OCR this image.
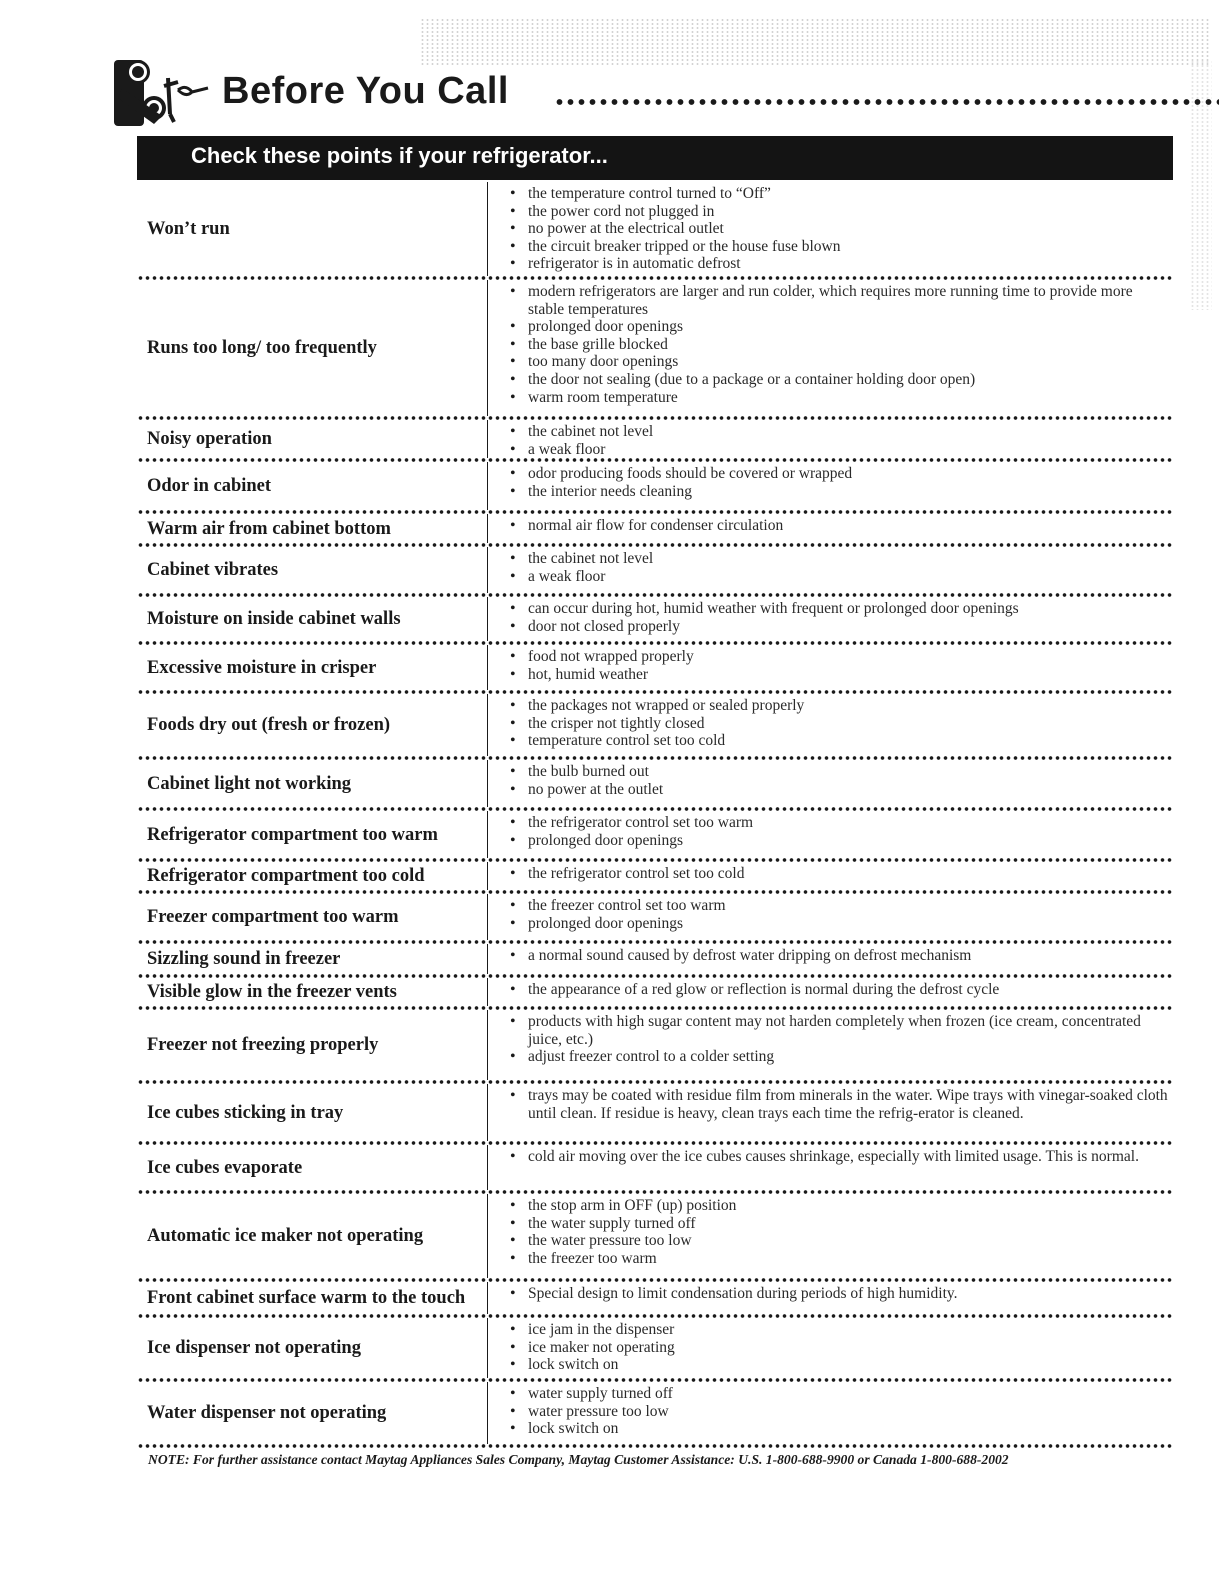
Before You Call
Check these points if your refrigerator...
Won’t run
• the temperature control turned to “Off”
• the power cord not plugged in
• no power at the electrical outlet
• the circuit breaker tripped or the house fuse blown
• refrigerator is in automatic defrost
Runs too long/ too frequently
• modern refrigerators are larger and run colder, which requires more running time to provide more stable temperatures
• prolonged door openings
• the base grille blocked
• too many door openings
• the door not sealing (due to a package or a container holding door open)
• warm room temperature
Noisy operation	• the cabinet not level
• a weak floor
Odor in cabinet
• odor producing foods should be covered or wrapped
• the interior needs cleaning
Warm air from cabinet bottom	• normal air flow for condenser circulation
Cabinet vibrates
• the cabinet not level
• a weak floor
Moisture on inside cabinet walls
• can occur during hot, humid weather with frequent or prolonged door openings
• door not closed properly
Excessive moisture in crisper
• food not wrapped properly
• hot, humid weather
Foods dry out (fresh or frozen)
• the packages not wrapped or sealed properly
• the crisper not tightly closed
• temperature control set too cold
Cabinet light not working
• the bulb burned out
• no power at the outlet
Refrigerator compartment too warm
• the refrigerator control set too warm
• prolonged door openings
Refrigerator compartment too cold	• the refrigerator control set too cold
Freezer compartment too warm
• the freezer control set too warm
• prolonged door openings
Sizzling sound in freezer	• a normal sound caused by defrost water dripping on defrost mechanism
Visible glow in the freezer vents	• the appearance of a red glow or reflection is normal during the defrost cycle
Freezer not freezing properly
• products with high sugar content may not harden completely when frozen (ice cream, concentrated juice, etc.)
• adjust freezer control to a colder setting
Ice cubes sticking in tray
• trays may be coated with residue film from minerals in the water. Wipe trays with vinegar-soaked cloth until clean. If residue is heavy, clean trays each time the refrig-erator is cleaned.
Ice cubes evaporate
• cold air moving over the ice cubes causes shrinkage, especially with limited usage. This is normal.
Automatic ice maker not operating
• the stop arm in OFF (up) position
• the water supply turned off
• the water pressure too low
• the freezer too warm
Front cabinet surface warm to the touch	• Special design to limit condensation during periods of high humidity.
Ice dispenser not operating
• ice jam in the dispenser
• ice maker not operating
• lock switch on
Water dispenser not operating
• water supply turned off
• water pressure too low
• lock switch on
NOTE: For further assistance contact Maytag Appliances Sales Company, Maytag Customer Assistance: U.S. 1-800-688-9900 or Canada 1-800-688-2002
